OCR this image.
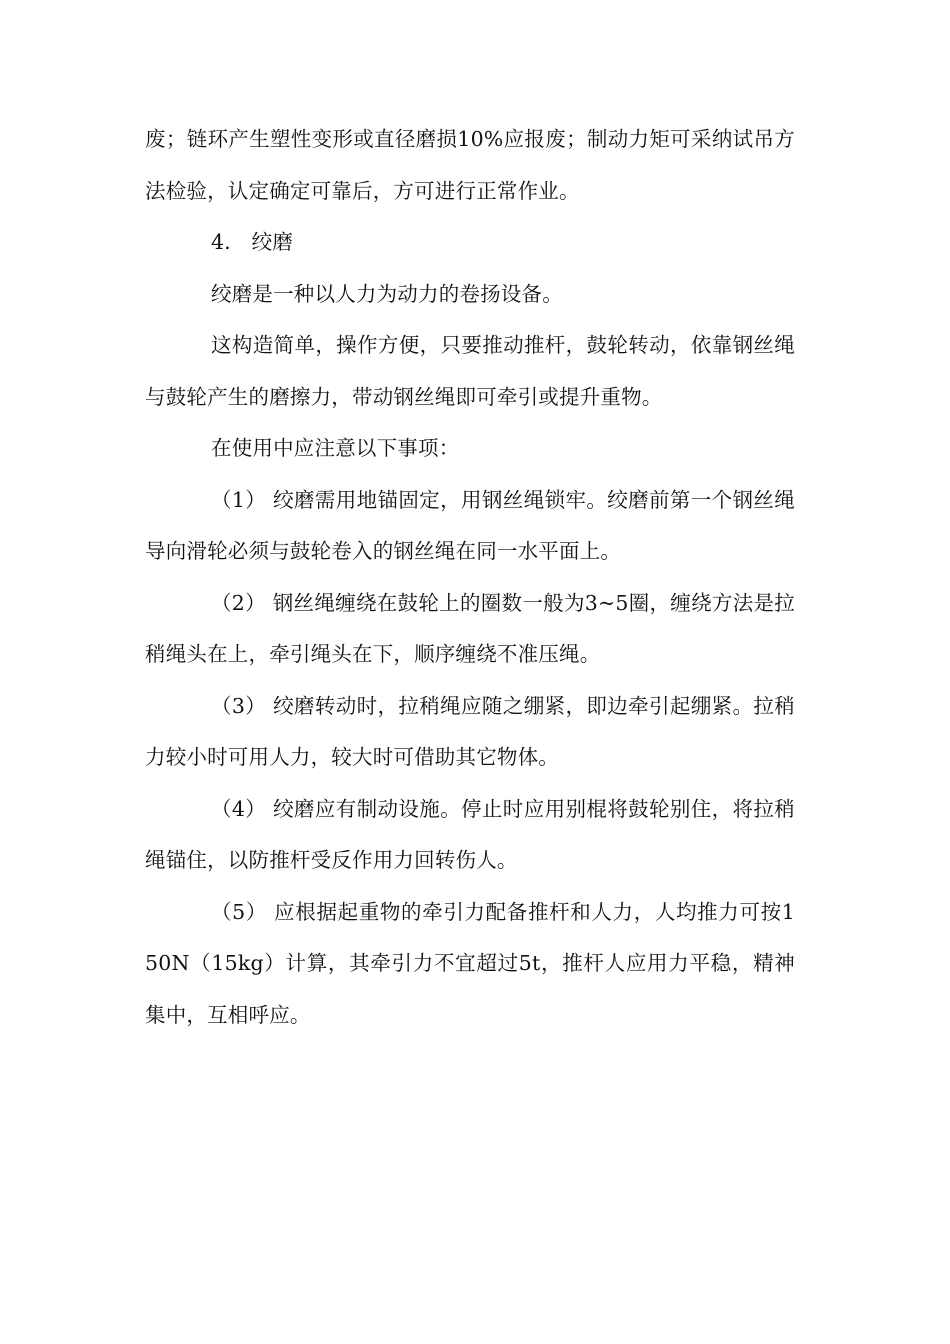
废；链环产生塑性变形或直径磨损10%应报废；制动力矩可采纳试吊方法检验，认定确定可靠后，方可进行正常作业。

4． 绞磨

绞磨是一种以人力为动力的卷扬设备。

这构造简单，操作方便，只要推动推杆，鼓轮转动，依靠钢丝绳与鼓轮产生的磨擦力，带动钢丝绳即可牵引或提升重物。

在使用中应注意以下事项：

（1） 绞磨需用地锚固定，用钢丝绳锁牢。绞磨前第一个钢丝绳导向滑轮必须与鼓轮卷入的钢丝绳在同一水平面上。

（2） 钢丝绳缠绕在鼓轮上的圈数一般为3~5圈，缠绕方法是拉稍绳头在上，牵引绳头在下，顺序缠绕不准压绳。

（3） 绞磨转动时，拉稍绳应随之绷紧，即边牵引起绷紧。拉稍力较小时可用人力，较大时可借助其它物体。

（4） 绞磨应有制动设施。停止时应用别棍将鼓轮别住，将拉稍绳锚住，以防推杆受反作用力回转伤人。

（5） 应根据起重物的牵引力配备推杆和人力，人均推力可按150N（15kg）计算，其牵引力不宜超过5t，推杆人应用力平稳，精神集中，互相呼应。
